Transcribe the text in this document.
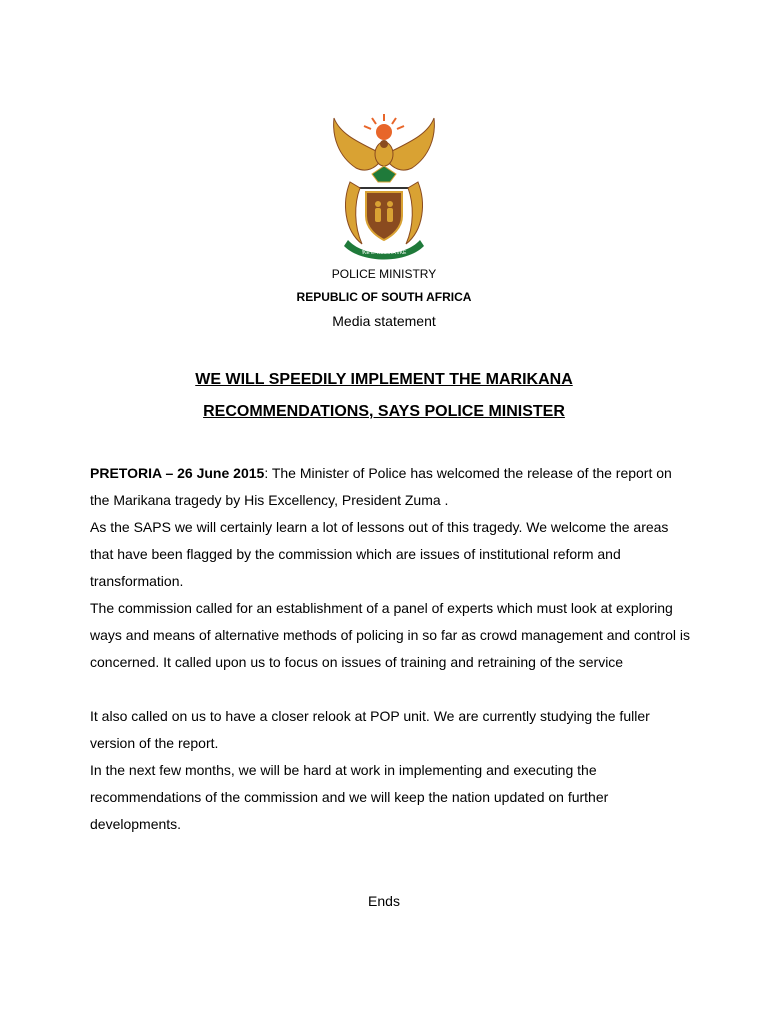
!KE E: /XARRA //KE
POLICE MINISTRY
REPUBLIC OF SOUTH AFRICA
Media statement
WE WILL SPEEDILY IMPLEMENT THE MARIKANA
RECOMMENDATIONS, SAYS POLICE MINISTER

PRETORIA – 26 June 2015: The Minister of Police has welcomed the release of the report on the Marikana tragedy by His Excellency, President Zuma .

As the SAPS we will certainly learn a lot of lessons out of this tragedy. We welcome the areas that have been flagged by the commission which are issues of institutional reform and transformation.

The commission called for an establishment of a panel of experts which must look at exploring ways and means of alternative methods of policing in so far as crowd management and control is concerned. It called upon us to focus on issues of training and retraining of the service

It also called on us to have a closer relook at POP unit. We are currently studying the fuller version of the report.

In the next few months, we will be hard at work in implementing and executing the recommendations of the commission and we will keep the nation updated on further developments.

Ends
